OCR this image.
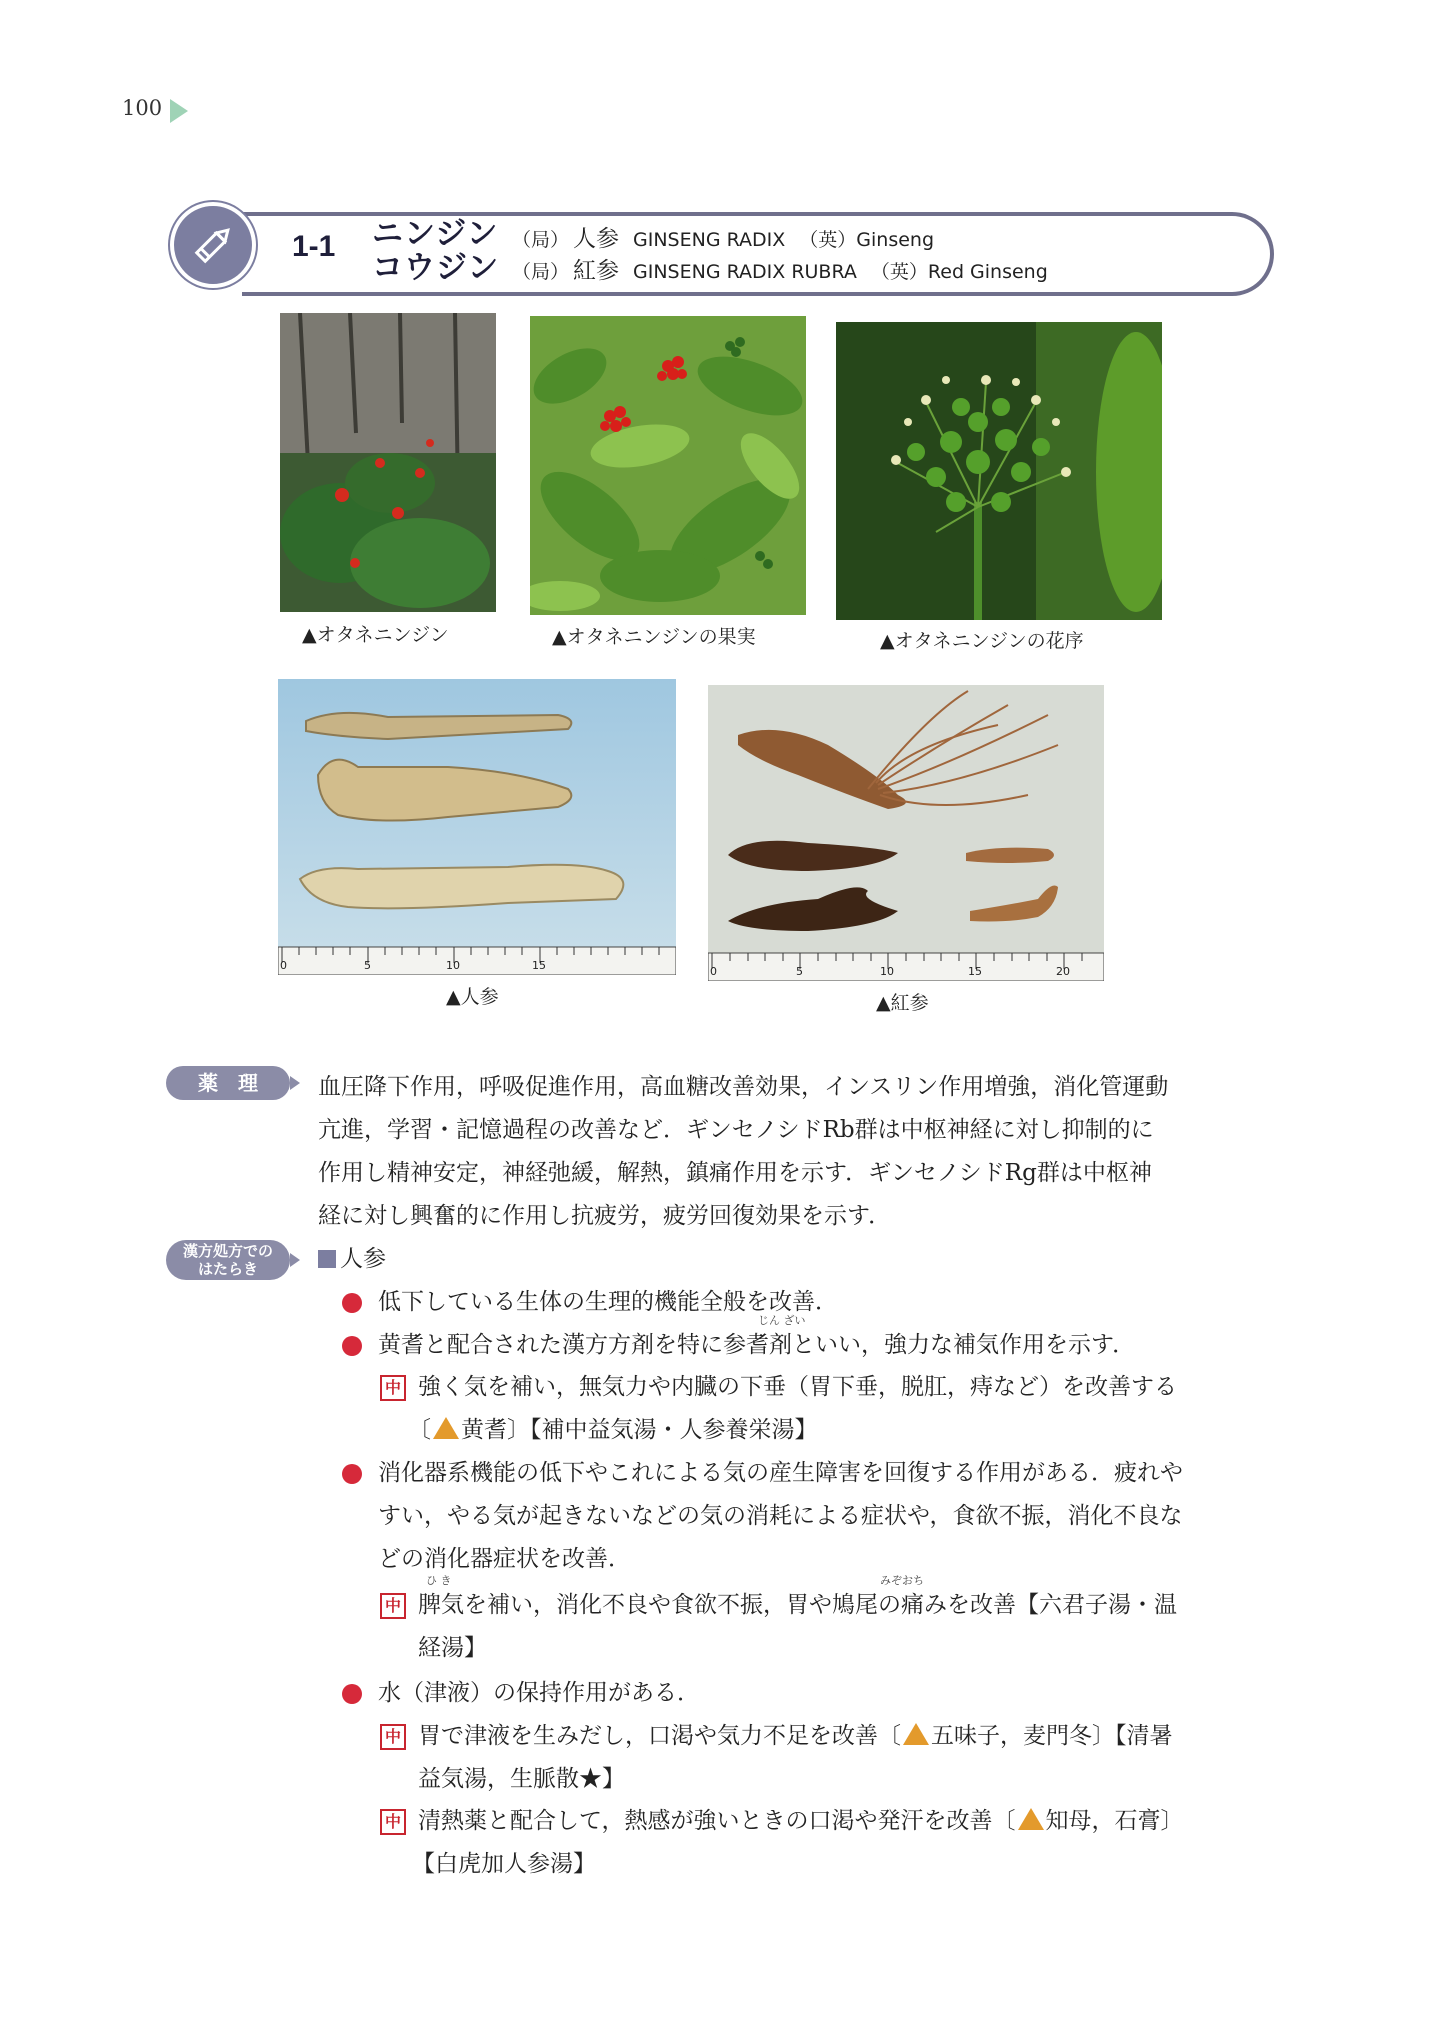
100
1-1 ニンジン
コウジン
（局） 人参 GINSENG RADIX （英）Ginseng
（局） 紅参 GINSENG RADIX RUBRA （英）Red Ginseng
▲オタネニンジン	▲オタネニンジンの果実	▲オタネニンジンの花序
0	5	10	15
▲人参
0	5	10	15	20
▲紅参
薬　理	血圧降下作用，呼吸促進作用，高血糖改善効果，インスリン作用増強，消化管運動
亢進，学習・記憶過程の改善など．ギンセノシドRb群は中枢神経に対し抑制的に
作用し精神安定，神経弛緩，解熱，鎮痛作用を示す．ギンセノシドRg群は中枢神
経に対し興奮的に作用し抗疲労，疲労回復効果を示す．
漢方処方での
はたらき	人参
低下している生体の生理的機能全般を改善．
じん ざい
黄耆と配合された漢方方剤を特に参耆剤といい，強力な補気作用を示す．
中 強く気を補い，無気力や内臓の下垂（胃下垂，脱肛，痔など）を改善する
〔 黄耆〕【補中益気湯・人参養栄湯】
消化器系機能の低下やこれによる気の産生障害を回復する作用がある．疲れや
すい，やる気が起きないなどの気の消耗による症状や，食欲不振，消化不良な
どの消化器症状を改善．
ひ き	みぞおち
中 脾気を補い，消化不良や食欲不振，胃や鳩尾の痛みを改善【六君子湯・温
経湯】
水（津液）の保持作用がある．
中 胃で津液を生みだし，口渇や気力不足を改善〔 五味子，麦門冬〕【清暑
益気湯，生脈散★】
中 清熱薬と配合して，熱感が強いときの口渇や発汗を改善〔 知母，石膏〕
【白虎加人参湯】
